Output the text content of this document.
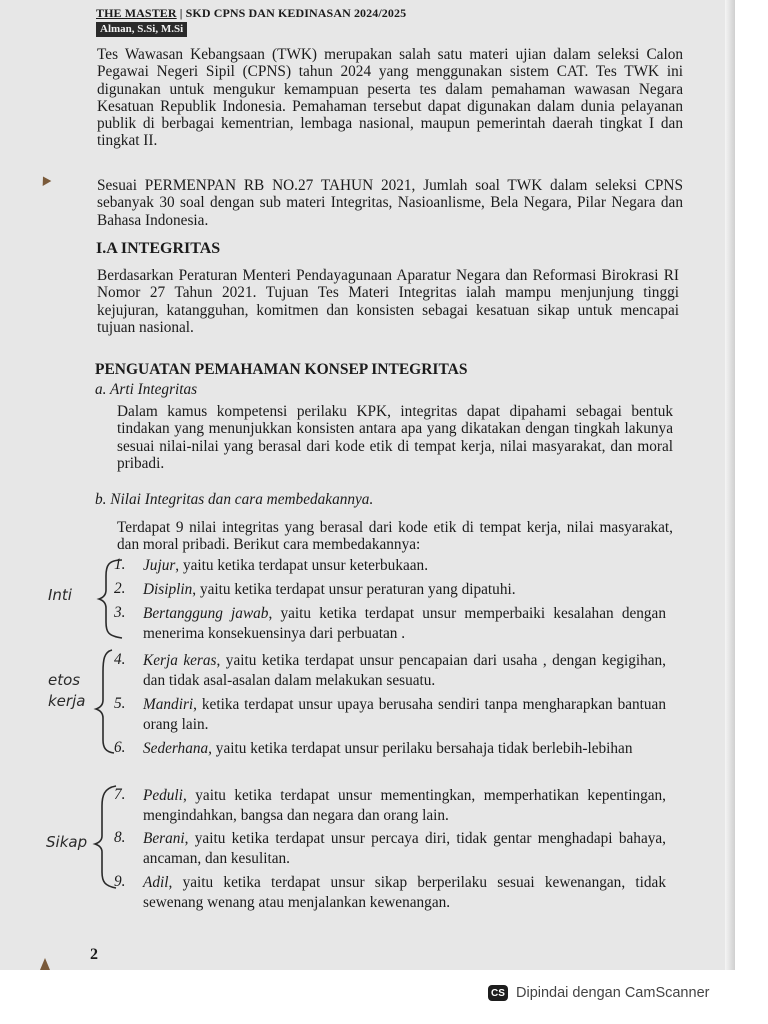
THE MASTER | SKD CPNS DAN KEDINASAN 2024/2025
Alman, S.Si, M.Si
Tes Wawasan Kebangsaan (TWK) merupakan salah satu materi ujian dalam seleksi Calon Pegawai Negeri Sipil (CPNS) tahun 2024 yang menggunakan sistem CAT. Tes TWK ini digunakan untuk mengukur kemampuan peserta tes dalam pemahaman wawasan Negara Kesatuan Republik Indonesia. Pemahaman tersebut dapat digunakan dalam dunia pelayanan publik di berbagai kementrian, lembaga nasional, maupun pemerintah daerah tingkat I dan tingkat II.
Sesuai PERMENPAN RB NO.27 TAHUN 2021, Jumlah soal TWK dalam seleksi CPNS sebanyak 30 soal dengan sub materi Integritas, Nasioanlisme, Bela Negara, Pilar Negara dan Bahasa Indonesia.
I.A INTEGRITAS
Berdasarkan Peraturan Menteri Pendayagunaan Aparatur Negara dan Reformasi Birokrasi RI Nomor 27 Tahun 2021. Tujuan Tes Materi Integritas ialah mampu menjunjung tinggi kejujuran, katangguhan, komitmen dan konsisten sebagai kesatuan sikap untuk mencapai tujuan nasional.
PENGUATAN PEMAHAMAN KONSEP INTEGRITAS
a. Arti Integritas
Dalam kamus kompetensi perilaku KPK, integritas dapat dipahami sebagai bentuk tindakan yang menunjukkan konsisten antara apa yang dikatakan dengan tingkah lakunya sesuai nilai-nilai yang berasal dari kode etik di tempat kerja, nilai masyarakat, dan moral pribadi.
b. Nilai Integritas dan cara membedakannya.
Terdapat 9 nilai integritas yang berasal dari kode etik di tempat kerja, nilai masyarakat, dan moral pribadi. Berikut cara membedakannya:
1. Jujur, yaitu ketika terdapat unsur keterbukaan.
2. Disiplin, yaitu ketika terdapat unsur peraturan yang dipatuhi.
3. Bertanggung jawab, yaitu ketika terdapat unsur memperbaiki kesalahan dengan menerima konsekuensinya dari perbuatan .
4. Kerja keras, yaitu ketika terdapat unsur pencapaian dari usaha , dengan kegigihan, dan tidak asal-asalan dalam melakukan sesuatu.
5. Mandiri, ketika terdapat unsur upaya berusaha sendiri tanpa mengharapkan bantuan orang lain.
6. Sederhana, yaitu ketika terdapat unsur perilaku bersahaja tidak berlebih-lebihan
7. Peduli, yaitu ketika terdapat unsur mementingkan, memperhatikan kepentingan, mengindahkan, bangsa dan negara dan orang lain.
8. Berani, yaitu ketika terdapat unsur percaya diri, tidak gentar menghadapi bahaya, ancaman, dan kesulitan.
9. Adil, yaitu ketika terdapat unsur sikap berperilaku sesuai kewenangan, tidak sewenang wenang atau menjalankan kewenangan.
Inti
etos
kerja
Sikap
2
CS Dipindai dengan CamScanner
